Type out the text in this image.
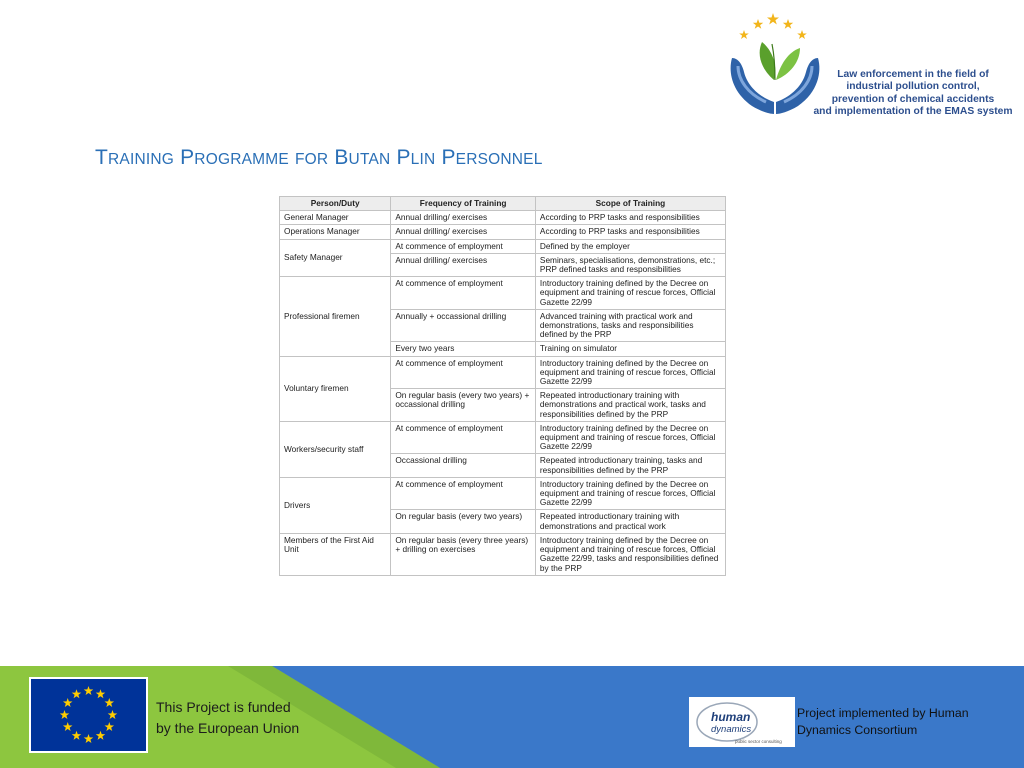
Law enforcement in the field of
industrial pollution control,
prevention of chemical accidents
and implementation of the EMAS system
TRAINING PROGRAMME FOR BUTAN PLIN PERSONNEL
Person/Duty	Frequency of Training	Scope of Training
General Manager	Annual drilling/ exercises	According to PRP tasks and responsibilities
Operations Manager	Annual drilling/ exercises	According to PRP tasks and responsibilities
Safety Manager	At commence of employment	Defined by the employer
	Annual drilling/ exercises	Seminars, specialisations, demonstrations, etc.; PRP defined tasks and responsibilities
Professional firemen	At commence of employment	Introductory training defined by the Decree on equipment and training of rescue forces, Official Gazette 22/99
	Annually + occassional drilling	Advanced training with practical work and demonstrations, tasks and responsibilities defined by the PRP
	Every two years	Training on simulator
Voluntary firemen	At commence of employment	Introductory training defined by the Decree on equipment and training of rescue forces, Official Gazette 22/99
	On regular basis (every two years) + occassional drilling	Repeated introductionary training with demonstrations and practical work, tasks and responsibilities defined by the PRP
Workers/security staff	At commence of employment	Introductory training defined by the Decree on equipment and training of rescue forces, Official Gazette 22/99
	Occassional drilling	Repeated introductionary training, tasks and responsibilities defined by the PRP
Drivers	At commence of employment	Introductory training defined by the Decree on equipment and training of rescue forces, Official Gazette 22/99
	On regular basis (every two years)	Repeated introductionary training with demonstrations and practical work
Members of the First Aid Unit	On regular basis (every three years) + drilling on exercises	Introductory training defined by the Decree on equipment and training of rescue forces, Official Gazette 22/99, tasks and responsibilities defined by the PRP
This Project is funded
by the European Union
human
dynamics
public sector consulting
Project implemented by Human
Dynamics Consortium
